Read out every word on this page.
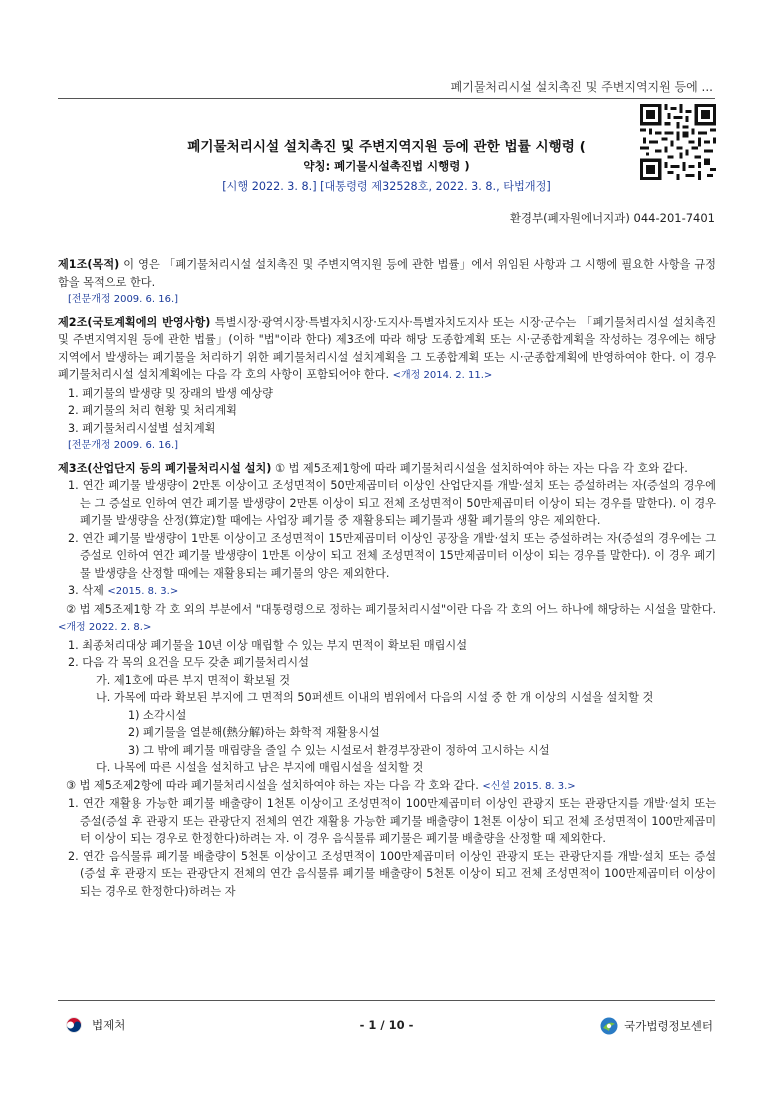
폐기물처리시설 설치촉진 및 주변지역지원 등에 ...
폐기물처리시설 설치촉진 및 주변지역지원 등에 관한 법률 시행령 (
약칭: 폐기물시설촉진법 시행령 )
[시행 2022. 3. 8.] [대통령령 제32528호, 2022. 3. 8., 타법개정]
환경부(폐자원에너지과) 044-201-7401

제1조(목적) 이 영은 「폐기물처리시설 설치촉진 및 주변지역지원 등에 관한 법률」에서 위임된 사항과 그 시행에 필요한 사항을 규정함을 목적으로 한다.

[전문개정 2009. 6. 16.]

제2조(국토계획에의 반영사항) 특별시장·광역시장·특별자치시장·도지사·특별자치도지사 또는 시장·군수는 「폐기물처리시설 설치촉진 및 주변지역지원 등에 관한 법률」(이하 "법"이라 한다) 제3조에 따라 해당 도종합계획 또는 시·군종합계획을 작성하는 경우에는 해당 지역에서 발생하는 폐기물을 처리하기 위한 폐기물처리시설 설치계획을 그 도종합계획 또는 시·군종합계획에 반영하여야 한다. 이 경우 폐기물처리시설 설치계획에는 다음 각 호의 사항이 포함되어야 한다. <개정 2014. 2. 11.>

1. 폐기물의 발생량 및 장래의 발생 예상량

2. 폐기물의 처리 현황 및 처리계획

3. 폐기물처리시설별 설치계획

[전문개정 2009. 6. 16.]

제3조(산업단지 등의 폐기물처리시설 설치) ① 법 제5조제1항에 따라 폐기물처리시설을 설치하여야 하는 자는 다음 각 호와 같다.

1. 연간 폐기물 발생량이 2만톤 이상이고 조성면적이 50만제곱미터 이상인 산업단지를 개발·설치 또는 증설하려는 자(증설의 경우에는 그 증설로 인하여 연간 폐기물 발생량이 2만톤 이상이 되고 전체 조성면적이 50만제곱미터 이상이 되는 경우를 말한다). 이 경우 폐기물 발생량을 산정(算定)할 때에는 사업장 폐기물 중 재활용되는 폐기물과 생활 폐기물의 양은 제외한다.

2. 연간 폐기물 발생량이 1만톤 이상이고 조성면적이 15만제곱미터 이상인 공장을 개발·설치 또는 증설하려는 자(증설의 경우에는 그 증설로 인하여 연간 폐기물 발생량이 1만톤 이상이 되고 전체 조성면적이 15만제곱미터 이상이 되는 경우를 말한다). 이 경우 폐기물 발생량을 산정할 때에는 재활용되는 폐기물의 양은 제외한다.

3. 삭제 <2015. 8. 3.>

② 법 제5조제1항 각 호 외의 부분에서 "대통령령으로 정하는 폐기물처리시설"이란 다음 각 호의 어느 하나에 해당하는 시설을 말한다. <개정 2022. 2. 8.>

1. 최종처리대상 폐기물을 10년 이상 매립할 수 있는 부지 면적이 확보된 매립시설

2. 다음 각 목의 요건을 모두 갖춘 폐기물처리시설

가. 제1호에 따른 부지 면적이 확보될 것

나. 가목에 따라 확보된 부지에 그 면적의 50퍼센트 이내의 범위에서 다음의 시설 중 한 개 이상의 시설을 설치할 것

1) 소각시설

2) 폐기물을 열분해(熱分解)하는 화학적 재활용시설

3) 그 밖에 폐기물 매립량을 줄일 수 있는 시설로서 환경부장관이 정하여 고시하는 시설

다. 나목에 따른 시설을 설치하고 남은 부지에 매립시설을 설치할 것

③ 법 제5조제2항에 따라 폐기물처리시설을 설치하여야 하는 자는 다음 각 호와 같다. <신설 2015. 8. 3.>

1. 연간 재활용 가능한 폐기물 배출량이 1천톤 이상이고 조성면적이 100만제곱미터 이상인 관광지 또는 관광단지를 개발·설치 또는 증설(증설 후 관광지 또는 관광단지 전체의 연간 재활용 가능한 폐기물 배출량이 1천톤 이상이 되고 전체 조성면적이 100만제곱미터 이상이 되는 경우로 한정한다)하려는 자. 이 경우 음식물류 폐기물은 폐기물 배출량을 산정할 때 제외한다.

2. 연간 음식물류 폐기물 배출량이 5천톤 이상이고 조성면적이 100만제곱미터 이상인 관광지 또는 관광단지를 개발·설치 또는 증설(증설 후 관광지 또는 관광단지 전체의 연간 음식물류 폐기물 배출량이 5천톤 이상이 되고 전체 조성면적이 100만제곱미터 이상이 되는 경우로 한정한다)하려는 자

법제처	- 1 / 10 -	국가법령정보센터
